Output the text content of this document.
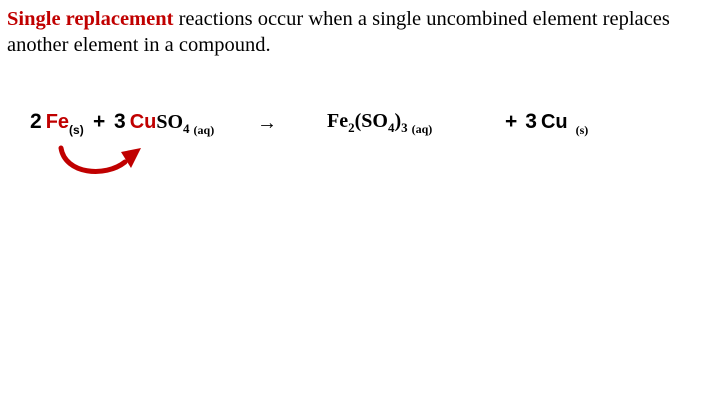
Single replacement reactions occur when a single uncombined element replaces another element in a compound.
2 $Fe_{(s)} + 3$ CuSO$_4$ $_{(aq)}$ →	$Fe_2(SO_4)_3$ $_{(aq)}$	+ 3 Cu $_{(s)}$
